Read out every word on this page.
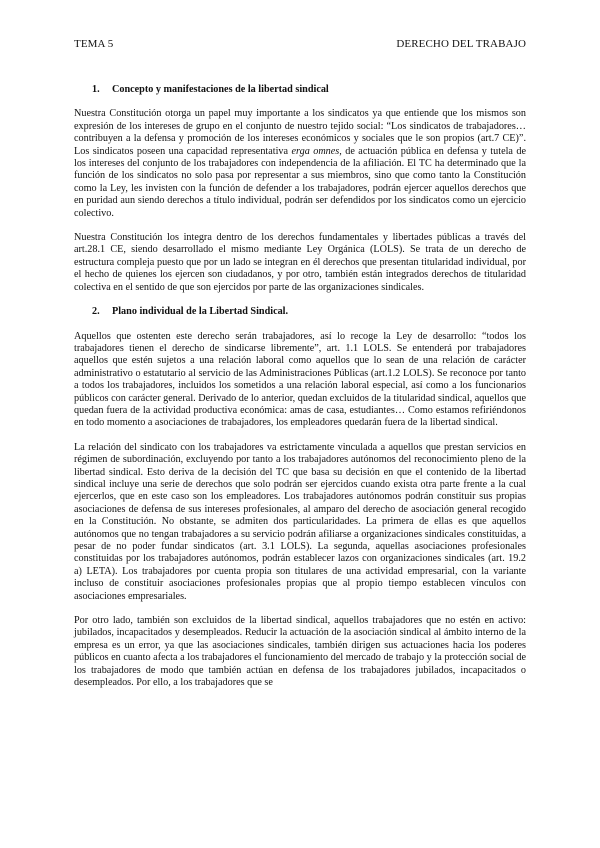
TEMA 5	DERECHO DEL TRABAJO
1. Concepto y manifestaciones de la libertad sindical

Nuestra Constitución otorga un papel muy importante a los sindicatos ya que entiende que los mismos son expresión de los intereses de grupo en el conjunto de nuestro tejido social: “Los sindicatos de trabajadores… contribuyen a la defensa y promoción de los intereses económicos y sociales que le son propios (art.7 CE)”. Los sindicatos poseen una capacidad representativa erga omnes, de actuación pública en defensa y tutela de los intereses del conjunto de los trabajadores con independencia de la afiliación. El TC ha determinado que la función de los sindicatos no solo pasa por representar a sus miembros, sino que como tanto la Constitución como la Ley, les invisten con la función de defender a los trabajadores, podrán ejercer aquellos derechos que en puridad aun siendo derechos a título individual, podrán ser defendidos por los sindicatos como un ejercicio colectivo.

Nuestra Constitución los integra dentro de los derechos fundamentales y libertades públicas a través del art.28.1 CE, siendo desarrollado el mismo mediante Ley Orgánica (LOLS). Se trata de un derecho de estructura compleja puesto que por un lado se integran en él derechos que presentan titularidad individual, por el hecho de quienes los ejercen son ciudadanos, y por otro, también están integrados derechos de titularidad colectiva en el sentido de que son ejercidos por parte de las organizaciones sindicales.

2. Plano individual de la Libertad Sindical.

Aquellos que ostenten este derecho serán trabajadores, así lo recoge la Ley de desarrollo: “todos los trabajadores tienen el derecho de sindicarse libremente”, art. 1.1 LOLS. Se entenderá por trabajadores aquellos que estén sujetos a una relación laboral como aquellos que lo sean de una relación de carácter administrativo o estatutario al servicio de las Administraciones Públicas (art.1.2 LOLS). Se reconoce por tanto a todos los trabajadores, incluidos los sometidos a una relación laboral especial, así como a los funcionarios públicos con carácter general. Derivado de lo anterior, quedan excluidos de la titularidad sindical, aquellos que quedan fuera de la actividad productiva económica: amas de casa, estudiantes… Como estamos refiriéndonos en todo momento a asociaciones de trabajadores, los empleadores quedarán fuera de la libertad sindical.

La relación del sindicato con los trabajadores va estrictamente vinculada a aquellos que prestan servicios en régimen de subordinación, excluyendo por tanto a los trabajadores autónomos del reconocimiento pleno de la libertad sindical. Esto deriva de la decisión del TC que basa su decisión en que el contenido de la libertad sindical incluye una serie de derechos que solo podrán ser ejercidos cuando exista otra parte frente a la cual ejercerlos, que en este caso son los empleadores. Los trabajadores autónomos podrán constituir sus propias asociaciones de defensa de sus intereses profesionales, al amparo del derecho de asociación general recogido en la Constitución. No obstante, se admiten dos particularidades. La primera de ellas es que aquellos autónomos que no tengan trabajadores a su servicio podrán afiliarse a organizaciones sindicales constituidas, a pesar de no poder fundar sindicatos (art. 3.1 LOLS). La segunda, aquellas asociaciones profesionales constituidas por los trabajadores autónomos, podrán establecer lazos con organizaciones sindicales (art. 19.2 a) LETA). Los trabajadores por cuenta propia son titulares de una actividad empresarial, con la variante incluso de constituir asociaciones profesionales propias que al propio tiempo establecen vínculos con asociaciones empresariales.

Por otro lado, también son excluidos de la libertad sindical, aquellos trabajadores que no estén en activo: jubilados, incapacitados y desempleados. Reducir la actuación de la asociación sindical al ámbito interno de la empresa es un error, ya que las asociaciones sindicales, también dirigen sus actuaciones hacia los poderes públicos en cuanto afecta a los trabajadores el funcionamiento del mercado de trabajo y la protección social de los trabajadores de modo que también actúan en defensa de los trabajadores jubilados, incapacitados o desempleados. Por ello, a los trabajadores que se
